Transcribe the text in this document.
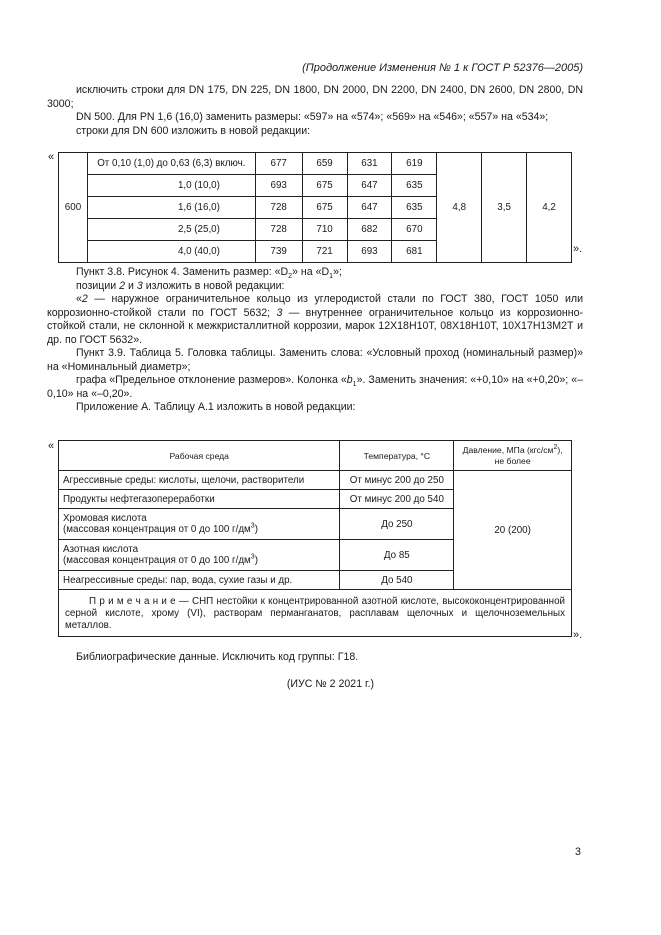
(Продолжение Изменения № 1 к ГОСТ Р 52376—2005)
исключить строки для DN 175, DN 225, DN 1800, DN 2000, DN 2200, DN 2400, DN 2600, DN 2800, DN 3000;
DN 500. Для PN 1,6 (16,0) заменить размеры: «597» на «574»; «569» на «546»; «557» на «534»;
строки для DN 600 изложить в новой редакции:
«
600	От 0,10 (1,0) до 0,63 (6,3) включ.	677	659	631	619	4,8	3,5	4,2
	1,0 (10,0)	693	675	647	635			
	1,6 (16,0)	728	675	647	635			
	2,5 (25,0)	728	710	682	670			
	4,0 (40,0)	739	721	693	681				».
Пункт 3.8. Рисунок 4. Заменить размер: «$D_2$» на «$D_1$»;
позиции 2 и 3 изложить в новой редакции:
«2 — наружное ограничительное кольцо из углеродистой стали по ГОСТ 380, ГОСТ 1050 или коррозионно-стойкой стали по ГОСТ 5632; 3 — внутреннее ограничительное кольцо из коррозионно-стойкой стали, не склонной к межкристаллитной коррозии, марок 12Х18Н10Т, 08Х18Н10Т, 10Х17Н13М2Т и др. по ГОСТ 5632».
Пункт 3.9. Таблица 5. Головка таблицы. Заменить слова: «Условный проход (номинальный размер)» на «Номинальный диаметр»;
графа «Предельное отклонение размеров». Колонка «$b_1$». Заменить значения: «+0,10» на «+0,20»; «–0,10» на «–0,20».
Приложение А. Таблицу А.1 изложить в новой редакции:
«
Рабочая среда	Температура, °С	Давление, МПа $(кгс/см^2)$,
не более
Агрессивные среды: кислоты, щелочи, растворители	От минус 200 до 250	20 (200)
Продукты нефтегазопереработки	От минус 200 до 540	
Хромовая кислота
(массовая концентрация от 0 до 100 $г/дм^3$)	До 250	
Азотная кислота
(массовая концентрация от 0 до 100 $г/дм^3$)	До 85	
Неагрессивные среды: пар, вода, сухие газы и др.	До 540	
П р и м е ч а н и е — СНП нестойки к концентрированной азотной кислоте, высококонцентрированной серной кислоте, хрому (VI), растворам перманганатов, расплавам щелочных и щелочноземельных металлов.		
».
Библиографические данные. Исключить код группы: Г18.
(ИУС № 2 2021 г.)
3
